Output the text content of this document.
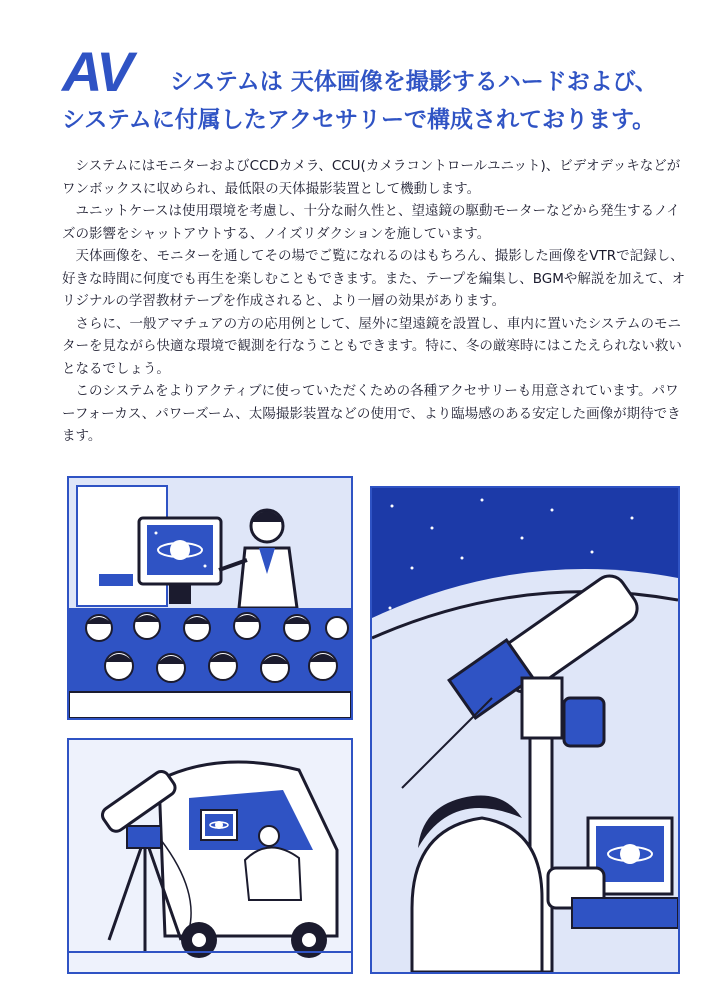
AV システムは 天体画像を撮影するハードおよび、
システムに付属したアクセサリーで構成されております。

システムにはモニターおよびCCDカメラ、CCU(カメラコントロールユニット)、ビデオデッキなどがワンボックスに収められ、最低限の天体撮影装置として機動します。

ユニットケースは使用環境を考慮し、十分な耐久性と、望遠鏡の駆動モーターなどから発生するノイズの影響をシャットアウトする、ノイズリダクションを施しています。

天体画像を、モニターを通してその場でご覧になれるのはもちろん、撮影した画像をVTRで記録し、好きな時間に何度でも再生を楽しむこともできます。また、テープを編集し、BGMや解説を加えて、オリジナルの学習教材テープを作成されると、より一層の効果があります。

さらに、一般アマチュアの方の応用例として、屋外に望遠鏡を設置し、車内に置いたシステムのモニターを見ながら快適な環境で観測を行なうこともできます。特に、冬の厳寒時にはこたえられない救いとなるでしょう。

このシステムをよりアクティブに使っていただくための各種アクセサリーも用意されています。パワーフォーカス、パワーズーム、太陽撮影装置などの使用で、より臨場感のある安定した画像が期待できます。
